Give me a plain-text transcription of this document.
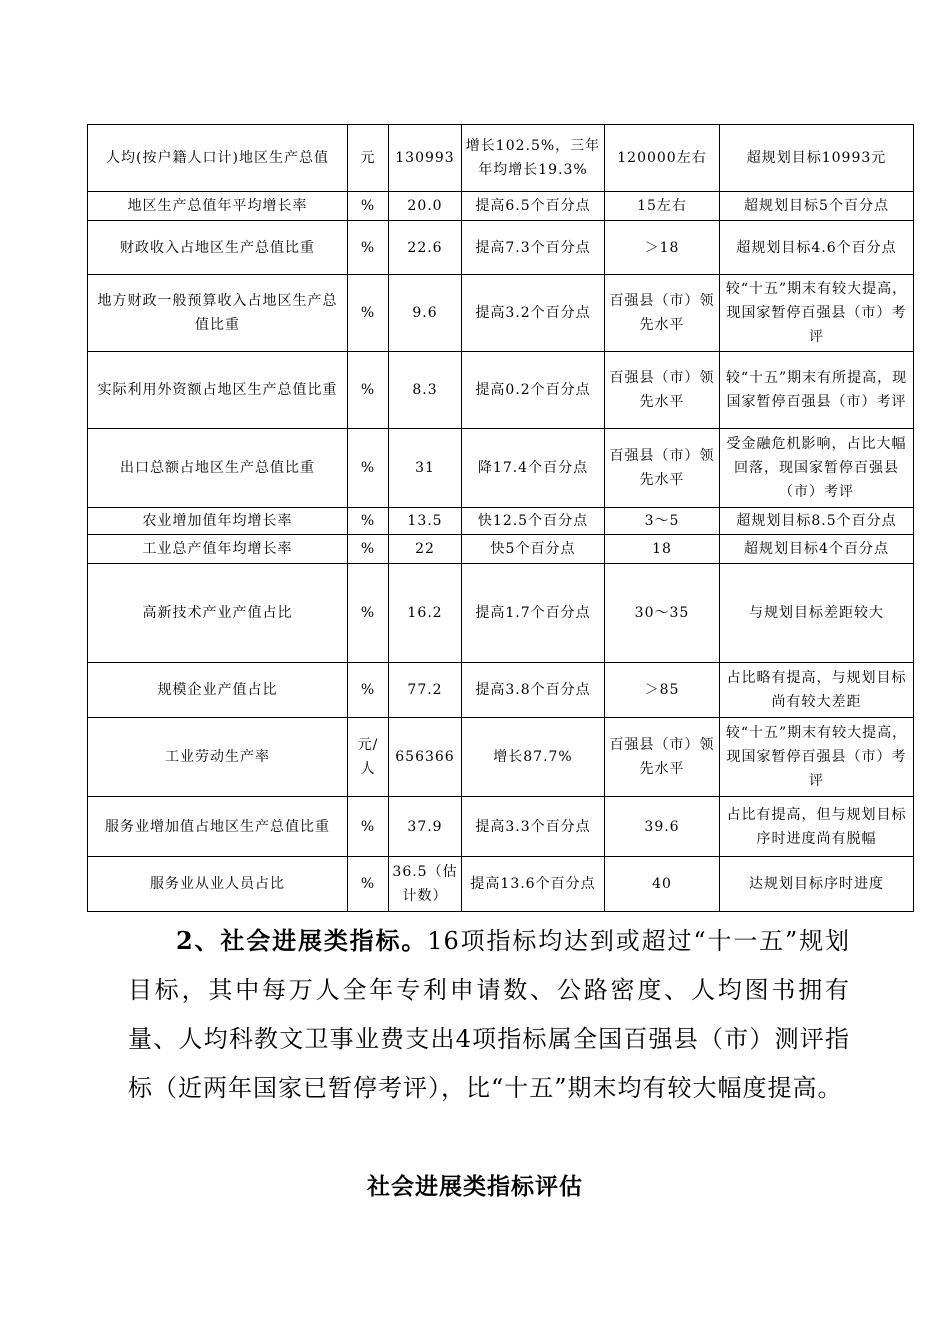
人均(按户籍人口计)地区生产总值	元	130993	增长102.5%，三年年均增长19.3%	120000左右	超规划目标10993元
地区生产总值年平均增长率	%	20.0	提高6.5个百分点	15左右	超规划目标5个百分点
财政收入占地区生产总值比重	%	22.6	提高7.3个百分点	＞18	超规划目标4.6个百分点
地方财政一般预算收入占地区生产总值比重	%	9.6	提高3.2个百分点	百强县（市）领先水平	较“十五”期末有较大提高，现国家暂停百强县（市）考评
实际利用外资额占地区生产总值比重	%	8.3	提高0.2个百分点	百强县（市）领先水平	较“十五”期末有所提高，现国家暂停百强县（市）考评
出口总额占地区生产总值比重	%	31	降17.4个百分点	百强县（市）领先水平	受金融危机影响，占比大幅回落，现国家暂停百强县（市）考评
农业增加值年均增长率	%	13.5	快12.5个百分点	3～5	超规划目标8.5个百分点
工业总产值年均增长率	%	22	快5个百分点	18	超规划目标4个百分点
高新技术产业产值占比	%	16.2	提高1.7个百分点	30～35	与规划目标差距较大
规模企业产值占比	%	77.2	提高3.8个百分点	＞85	占比略有提高，与规划目标尚有较大差距
工业劳动生产率	元/人	656366	增长87.7%	百强县（市）领先水平	较“十五”期末有较大提高，现国家暂停百强县（市）考评
服务业增加值占地区生产总值比重	%	37.9	提高3.3个百分点	39.6	占比有提高，但与规划目标序时进度尚有脱幅
服务业从业人员占比	%	36.5（估计数）	提高13.6个百分点	40	达规划目标序时进度

2、社会进展类指标。16项指标均达到或超过“十一五”规划目标，其中每万人全年专利申请数、公路密度、人均图书拥有量、人均科教文卫事业费支出4项指标属全国百强县（市）测评指标（近两年国家已暂停考评），比“十五”期末均有较大幅度提高。

社会进展类指标评估
